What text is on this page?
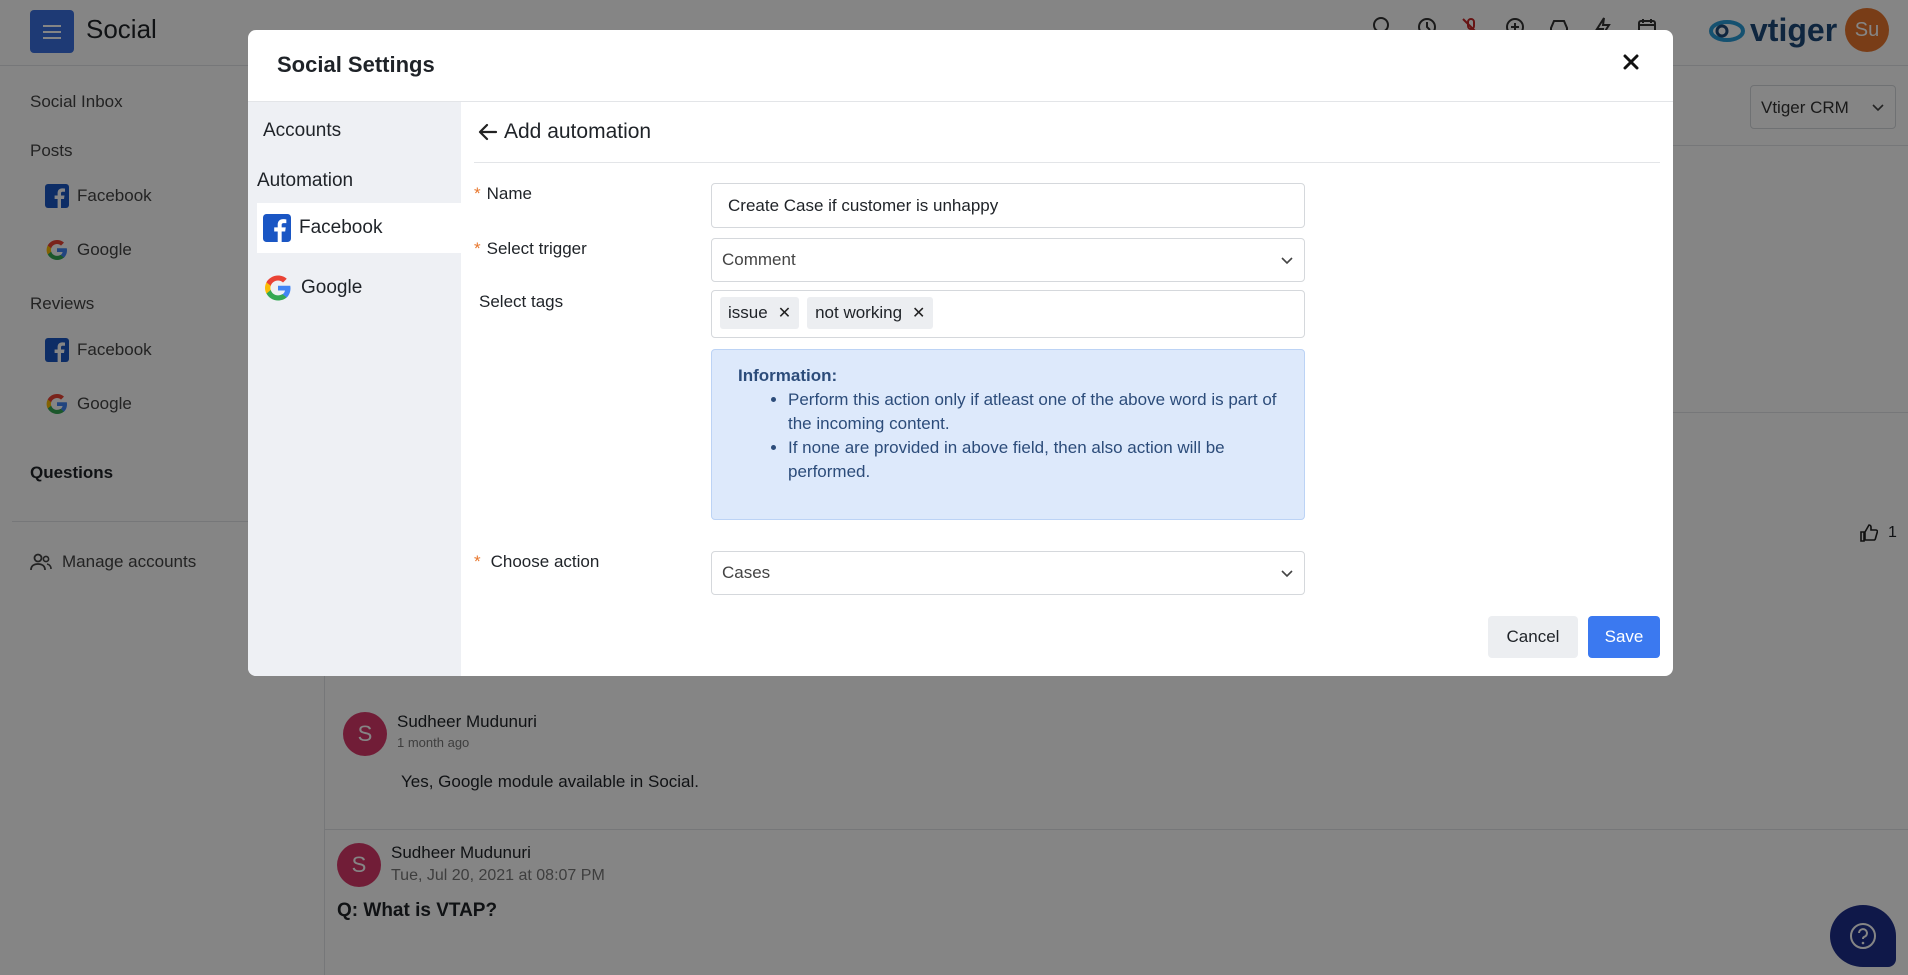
Social	vtiger Su
Social Inbox
Posts
Facebook
Google
Reviews
Facebook
Google
Questions
Manage accounts
Vtiger CRM
1
S	Sudheer Mudunuri
1 month ago
Yes, Google module available in Social.
S	Sudheer Mudunuri
Tue, Jul 20, 2021 at 08:07 PM
Q: What is VTAP?
Social Settings
Accounts
Automation
Facebook
Google
Add automation
* Name
Create Case if customer is unhappy
* Select trigger
Comment
Select tags
issue ✕ not working ✕
Information:
• Perform this action only if atleast one of the above word is part of the incoming content.
• If none are provided in above field, then also action will be performed.
* Choose action
Cases
Cancel	Save
